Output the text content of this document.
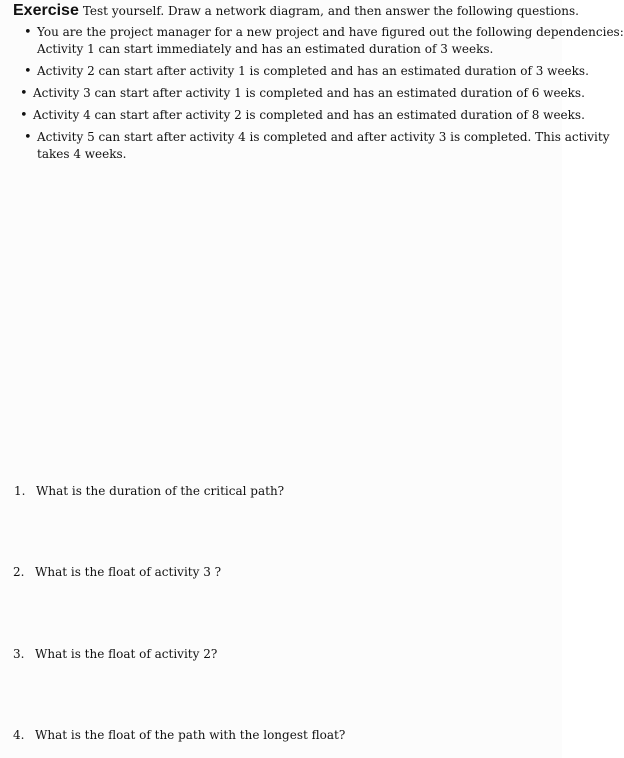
Exercise Test yourself. Draw a network diagram, and then answer the following questions.
• You are the project manager for a new project and have figured out the following dependencies:
Activity 1 can start immediately and has an estimated duration of 3 weeks.
• Activity 2 can start after activity 1 is completed and has an estimated duration of 3 weeks.
• Activity 3 can start after activity 1 is completed and has an estimated duration of 6 weeks.
• Activity 4 can start after activity 2 is completed and has an estimated duration of 8 weeks.
• Activity 5 can start after activity 4 is completed and after activity 3 is completed. This activity
takes 4 weeks.
1. What is the duration of the critical path?
2. What is the float of activity 3 ?
3. What is the float of activity 2?
4. What is the float of the path with the longest float?
